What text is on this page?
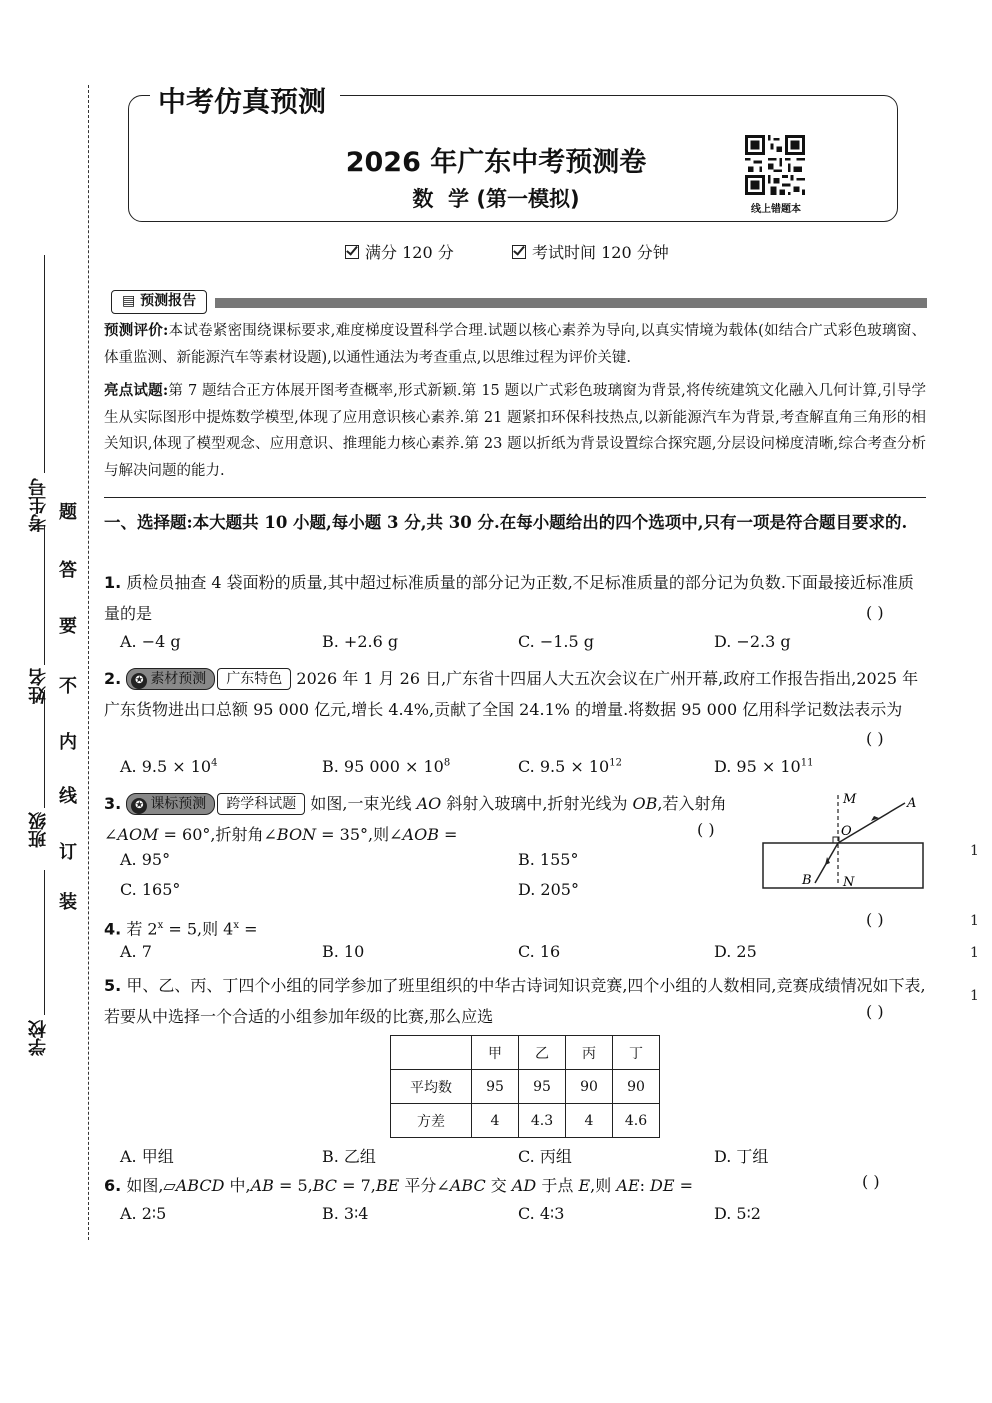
学校
班级
姓名
考生号
装
订
线
内
不
要
答
题
中考仿真预测
2026 年广东中考预测卷
数  学 (第一模拟)	线上错题本
满分 120 分	考试时间 120 分钟
▤ 预测报告
预测评价:本试卷紧密围绕课标要求,难度梯度设置科学合理.试题以核心素养为导向,以真实情境为载体(如结合广式彩色玻璃窗、体重监测、新能源汽车等素材设题),以通性通法为考查重点,以思维过程为评价关键.
亮点试题:第 7 题结合正方体展开图考查概率,形式新颖.第 15 题以广式彩色玻璃窗为背景,将传统建筑文化融入几何计算,引导学生从实际图形中提炼数学模型,体现了应用意识核心素养.第 21 题紧扣环保科技热点,以新能源汽车为背景,考查解直角三角形的相关知识,体现了模型观念、应用意识、推理能力核心素养.第 23 题以折纸为背景设置综合探究题,分层设问梯度清晰,综合考查分析与解决问题的能力.
一、选择题:本大题共 10 小题,每小题 3 分,共 30 分.在每小题给出的四个选项中,只有一项是符合题目要求的.
1. 质检员抽查 4 袋面粉的质量,其中超过标准质量的部分记为正数,不足标准质量的部分记为负数.下面最接近标准质量的是	( )
A. −4 g	B. +2.6 g	C. −1.5 g	D. −2.3 g
2. ✪ 素材预测 广东特色 2026 年 1 月 26 日,广东省十四届人大五次会议在广州开幕,政府工作报告指出,2025 年广东货物进出口总额 95 000 亿元,增长 4.4%,贡献了全国 24.1% 的增量.将数据 95 000 亿用科学记数法表示为
( )
A. $9.5 \times 10^4$	B. 95 $000 \times 10^8$	C. $9.5 \times 10^{12}$	D. $95 \times 10^{11}$
3. ✪ 课标预测 跨学科试题 如图,一束光线 AO 斜射入玻璃中,折射光线为 OB,若入射角∠AOM = 60°,折射角∠BON = 35°,则∠AOB =	( )
A. 95°	B. 155°
C. 165°	D. 205°
M	A
O
B N
4. 若 $2^x = 5$,则 $4^x$ =	( )
A. 7	B. 10	C. 16	D. 25
5. 甲、乙、丙、丁四个小组的同学参加了班里组织的中华古诗词知识竞赛,四个小组的人数相同,竞赛成绩情况如下表,若要从中选择一个合适的小组参加年级的比赛,那么应选	( )
	甲	乙	丙	丁
平均数	95	95	90	90
方差	4	4.3	4	4.6
A. 甲组	B. 乙组	C. 丙组	D. 丁组
6. 如图,▱ABCD 中,AB = 5,BC = 7,BE 平分∠ABC 交 AD 于点 E,则 AE: DE =	( )
A. 2∶5	B. 3∶4	C. 4∶3	D. 5∶2
1
1
1
1
